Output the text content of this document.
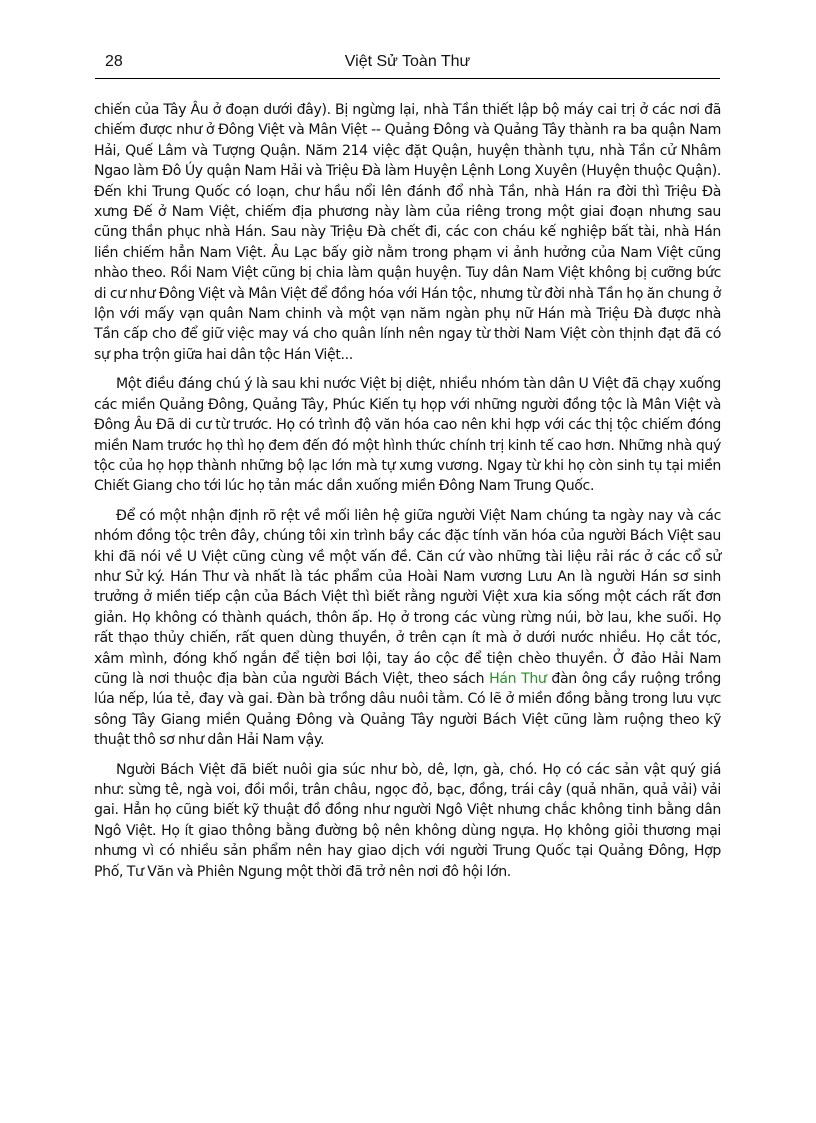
28	Việt Sử Toàn Thư

chiến của Tây Âu ở đoạn dưới đây). Bị ngừng lại, nhà Tần thiết lập bộ máy cai trị ở các nơi đã chiếm được như ở Đông Việt và Mân Việt -- Quảng Đông và Quảng Tây thành ra ba quận Nam Hải, Quế Lâm và Tượng Quận. Năm 214 việc đặt Quận, huyện thành tựu, nhà Tần cử Nhâm Ngao làm Đô Úy quận Nam Hải và Triệu Đà làm Huyện Lệnh Long Xuyên (Huyện thuộc Quận). Đến khi Trung Quốc có loạn, chư hầu nổi lên đánh đổ nhà Tần, nhà Hán ra đời thì Triệu Đà xưng Đế ở Nam Việt, chiếm địa phương này làm của riêng trong một giai đoạn nhưng sau cũng thần phục nhà Hán. Sau này Triệu Đà chết đi, các con cháu kế nghiệp bất tài, nhà Hán liền chiếm hẳn Nam Việt. Âu Lạc bấy giờ nằm trong phạm vi ảnh hưởng của Nam Việt cũng nhào theo. Rồi Nam Việt cũng bị chia làm quận huyện. Tuy dân Nam Việt không bị cưỡng bức di cư như Đông Việt và Mân Việt để đồng hóa với Hán tộc, nhưng từ đời nhà Tần họ ăn chung ở lộn với mấy vạn quân Nam chinh và một vạn năm ngàn phụ nữ Hán mà Triệu Đà được nhà Tần cấp cho để giữ việc may vá cho quân lính nên ngay từ thời Nam Việt còn thịnh đạt đã có sự pha trộn giữa hai dân tộc Hán Việt...

Một điều đáng chú ý là sau khi nước Việt bị diệt, nhiều nhóm tàn dân U Việt đã chạy xuống các miền Quảng Đông, Quảng Tây, Phúc Kiến tụ họp với những người đồng tộc là Mân Việt và Đông Âu Đã di cư từ trước. Họ có trình độ văn hóa cao nên khi hợp với các thị tộc chiếm đóng miền Nam trước họ thì họ đem đến đó một hình thức chính trị kinh tế cao hơn. Những nhà quý tộc của họ họp thành những bộ lạc lớn mà tự xưng vương. Ngay từ khi họ còn sinh tụ tại miền Chiết Giang cho tới lúc họ tản mác dần xuống miền Đông Nam Trung Quốc.

Để có một nhận định rõ rệt về mối liên hệ giữa người Việt Nam chúng ta ngày nay và các nhóm đồng tộc trên đây, chúng tôi xin trình bầy các đặc tính văn hóa của người Bách Việt sau khi đã nói về U Việt cũng cùng về một vấn đề. Căn cứ vào những tài liệu rải rác ở các cổ sử như Sử ký. Hán Thư và nhất là tác phẩm của Hoài Nam vương Lưu An là người Hán sơ sinh trưởng ở miền tiếp cận của Bách Việt thì biết rằng người Việt xưa kia sống một cách rất đơn giản. Họ không có thành quách, thôn ấp. Họ ở trong các vùng rừng núi, bờ lau, khe suối. Họ rất thạo thủy chiến, rất quen dùng thuyền, ở trên cạn ít mà ở dưới nước nhiều. Họ cắt tóc, xâm mình, đóng khố ngắn để tiện bơi lội, tay áo cộc để tiện chèo thuyền. Ở đảo Hải Nam cũng là nơi thuộc địa bàn của người Bách Việt, theo sách Hán Thư đàn ông cầy ruộng trồng lúa nếp, lúa tẻ, đay và gai. Đàn bà trồng dâu nuôi tằm. Có lẽ ở miền đồng bằng trong lưu vực sông Tây Giang miền Quảng Đông và Quảng Tây người Bách Việt cũng làm ruộng theo kỹ thuật thô sơ như dân Hải Nam vậy.

Người Bách Việt đã biết nuôi gia súc như bò, dê, lợn, gà, chó. Họ có các sản vật quý giá như: sừng tê, ngà voi, đồi mồi, trân châu, ngọc đỏ, bạc, đồng, trái cây (quả nhãn, quả vải) vải gai. Hẳn họ cũng biết kỹ thuật đồ đồng như người Ngô Việt nhưng chắc không tinh bằng dân Ngô Việt. Họ ít giao thông bằng đường bộ nên không dùng ngựa. Họ không giỏi thương mại nhưng vì có nhiều sản phẩm nên hay giao dịch với người Trung Quốc tại Quảng Đông, Hợp Phố, Tư Văn và Phiên Ngung một thời đã trở nên nơi đô hội lớn.
